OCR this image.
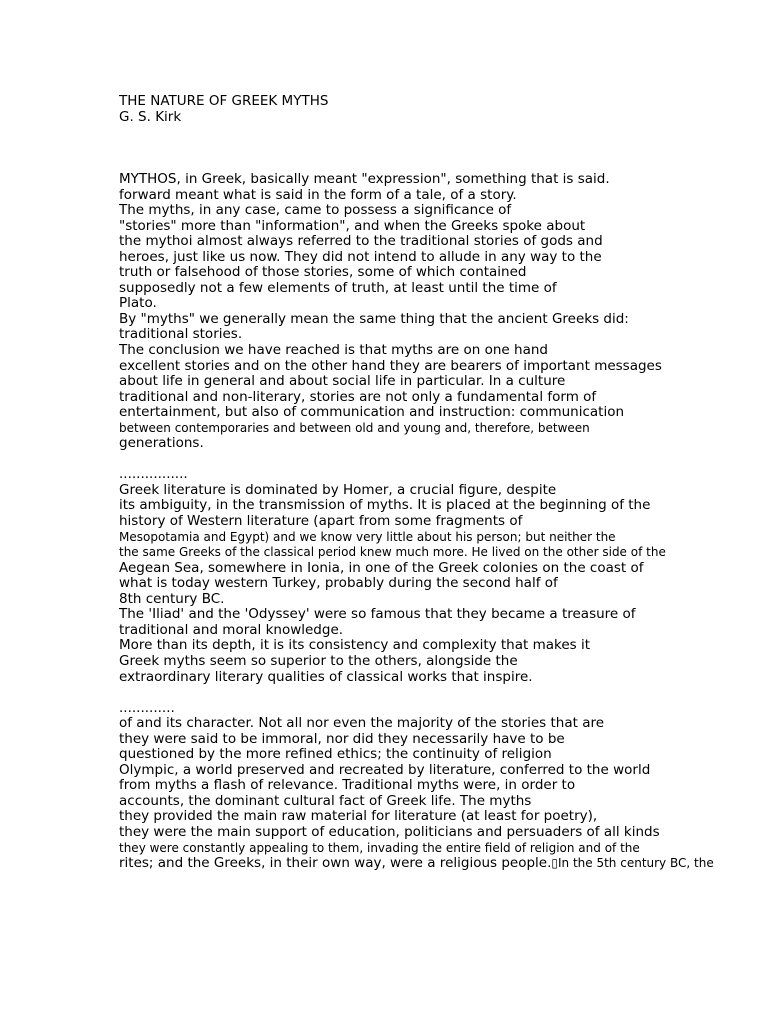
THE NATURE OF GREEK MYTHS
G. S. Kirk
MYTHOS, in Greek, basically meant "expression", something that is said.
forward meant what is said in the form of a tale, of a story.
The myths, in any case, came to possess a significance of
"stories" more than "information", and when the Greeks spoke about
the mythoi almost always referred to the traditional stories of gods and
heroes, just like us now. They did not intend to allude in any way to the
truth or falsehood of those stories, some of which contained
supposedly not a few elements of truth, at least until the time of
Plato.
By "myths" we generally mean the same thing that the ancient Greeks did:
traditional stories.
The conclusion we have reached is that myths are on one hand
excellent stories and on the other hand they are bearers of important messages
about life in general and about social life in particular. In a culture
traditional and non-literary, stories are not only a fundamental form of
entertainment, but also of communication and instruction: communication
between contemporaries and between old and young and, therefore, between
generations.
................
Greek literature is dominated by Homer, a crucial figure, despite
its ambiguity, in the transmission of myths. It is placed at the beginning of the
history of Western literature (apart from some fragments of
Mesopotamia and Egypt) and we know very little about his person; but neither the
the same Greeks of the classical period knew much more. He lived on the other side of the
Aegean Sea, somewhere in Ionia, in one of the Greek colonies on the coast of
what is today western Turkey, probably during the second half of
8th century BC.
The 'Iliad' and the 'Odyssey' were so famous that they became a treasure of
traditional and moral knowledge.
More than its depth, it is its consistency and complexity that makes it
Greek myths seem so superior to the others, alongside the
extraordinary literary qualities of classical works that inspire.
.............
of and its character. Not all nor even the majority of the stories that are
they were said to be immoral, nor did they necessarily have to be
questioned by the more refined ethics; the continuity of religion
Olympic, a world preserved and recreated by literature, conferred to the world
from myths a flash of relevance. Traditional myths were, in order to
accounts, the dominant cultural fact of Greek life. The myths
they provided the main raw material for literature (at least for poetry),
they were the main support of education, politicians and persuaders of all kinds
they were constantly appealing to them, invading the entire field of religion and of the
rites; and the Greeks, in their own way, were a religious people.▯In the 5th century BC, the
